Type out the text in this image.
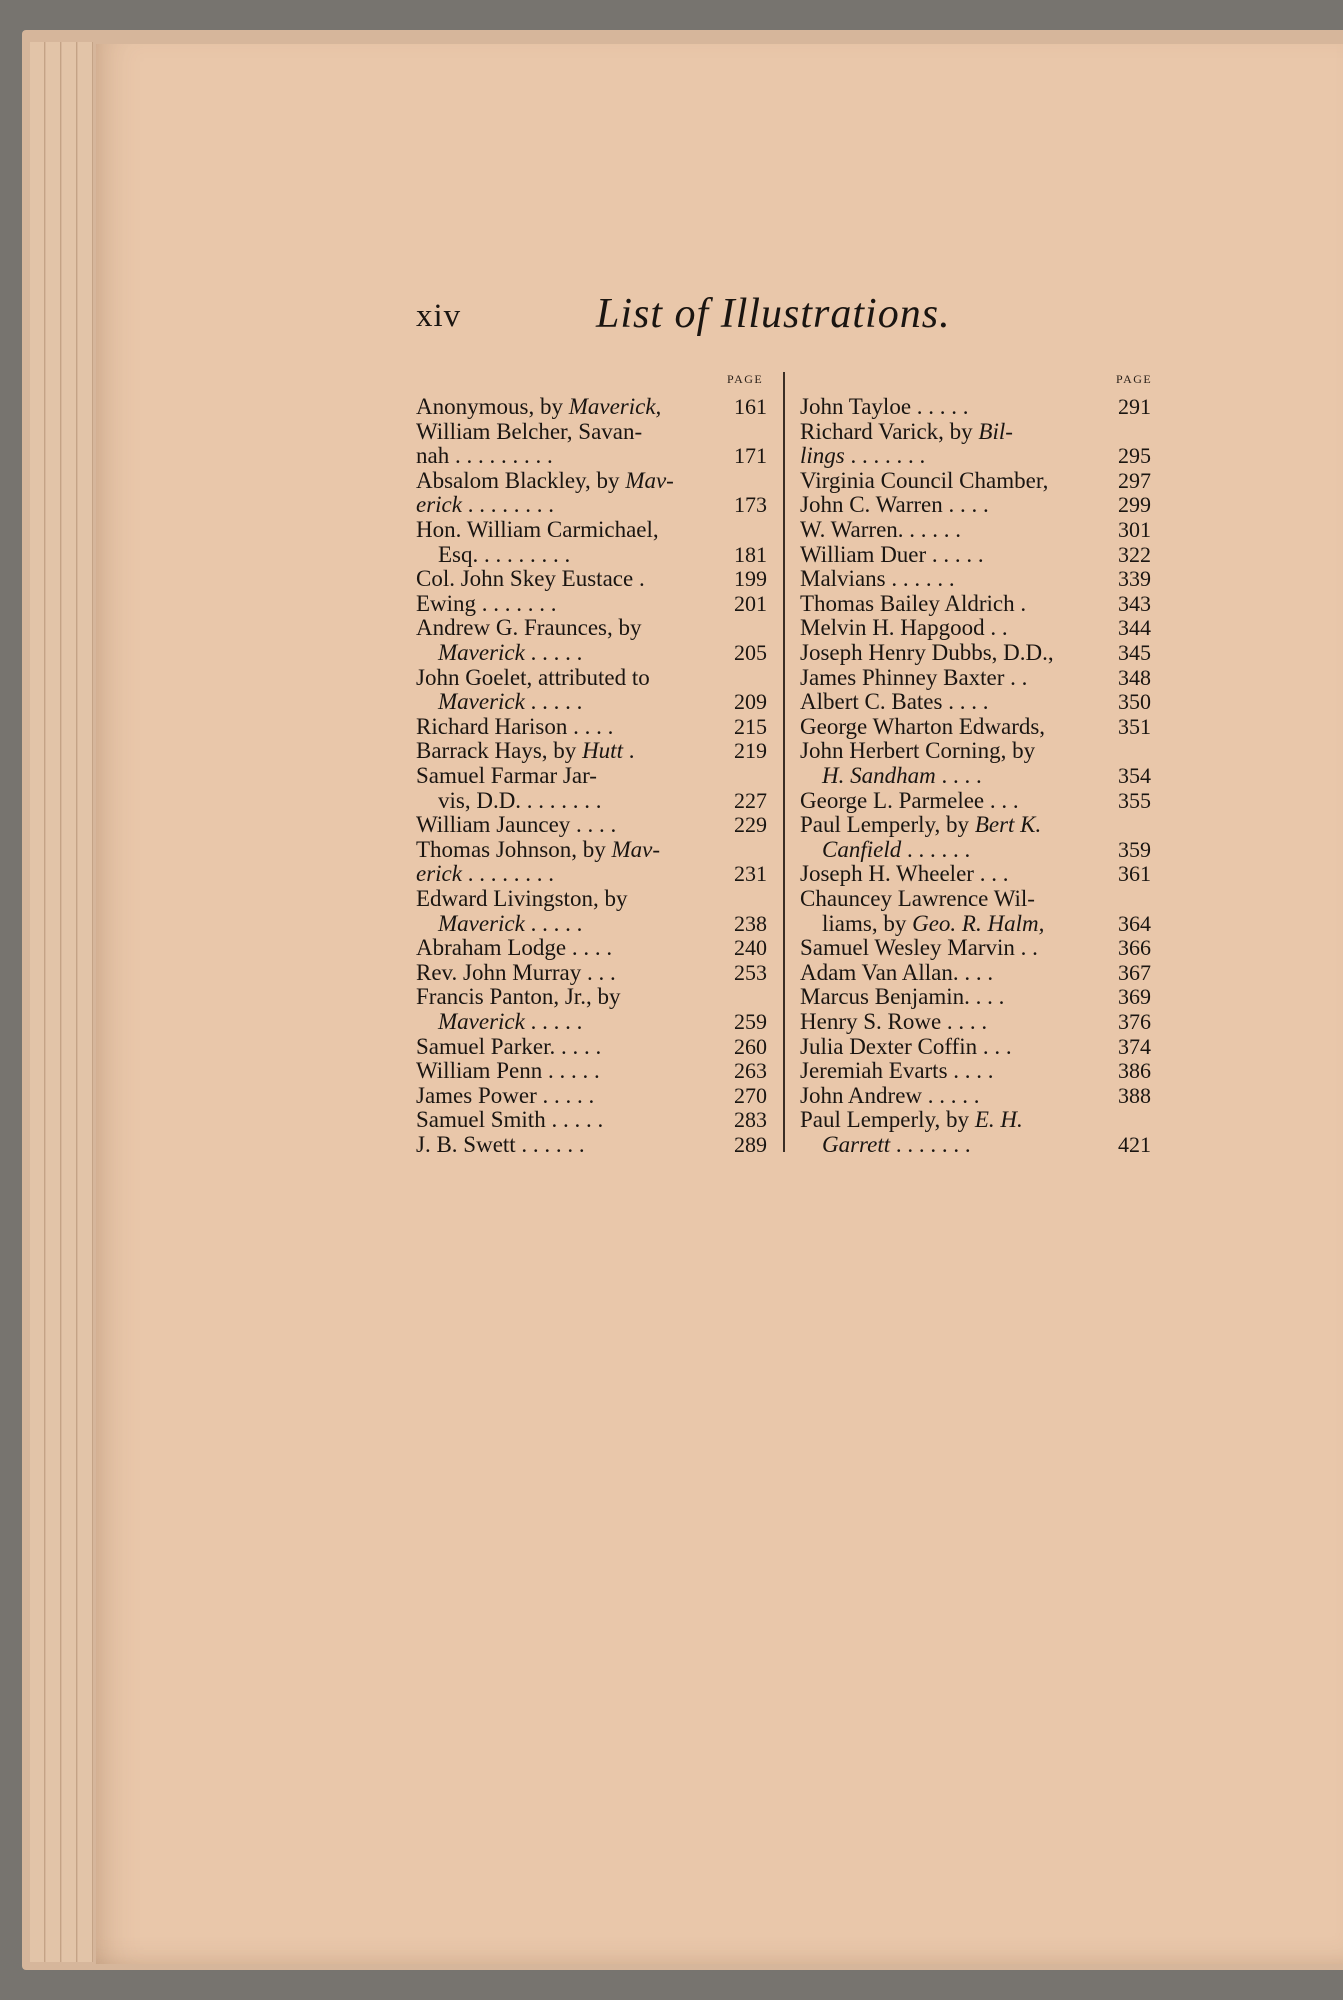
xiv	List of Illustrations.
PAGE
Anonymous, by Maverick,	161
William Belcher, Savan-
nah . . . . . . . . .	171
Absalom Blackley, by Mav-
erick . . . . . . . .	173
Hon. William Carmichael,
Esq. . . . . . . . .	181
Col. John Skey Eustace .	199
Ewing . . . . . . .	201
Andrew G. Fraunces, by
Maverick . . . . .	205
John Goelet, attributed to
Maverick . . . . .	209
Richard Harison . . . .	215
Barrack Hays, by Hutt .	219
Samuel Farmar Jar-
vis, D.D. . . . . . . .	227
William Jauncey . . . .	229
Thomas Johnson, by Mav-
erick . . . . . . . .	231
Edward Livingston, by
Maverick . . . . .	238
Abraham Lodge . . . .	240
Rev. John Murray . . .	253
Francis Panton, Jr., by
Maverick . . . . .	259
Samuel Parker. . . . .	260
William Penn . . . . .	263
James Power . . . . .	270
Samuel Smith . . . . .	283
J. B. Swett . . . . . .	289
PAGE
John Tayloe . . . . .	291
Richard Varick, by Bil-
lings . . . . . . .	295
Virginia Council Chamber,	297
John C. Warren . . . .	299
W. Warren. . . . . .	301
William Duer . . . . .	322
Malvians . . . . . .	339
Thomas Bailey Aldrich .	343
Melvin H. Hapgood . .	344
Joseph Henry Dubbs, D.D.,	345
James Phinney Baxter . .	348
Albert C. Bates . . . .	350
George Wharton Edwards,	351
John Herbert Corning, by
H. Sandham . . . .	354
George L. Parmelee . . .	355
Paul Lemperly, by Bert K.
Canfield . . . . . .	359
Joseph H. Wheeler . . .	361
Chauncey Lawrence Wil-
liams, by Geo. R. Halm,	364
Samuel Wesley Marvin . .	366
Adam Van Allan. . . .	367
Marcus Benjamin. . . .	369
Henry S. Rowe . . . .	376
Julia Dexter Coffin . . .	374
Jeremiah Evarts . . . .	386
John Andrew . . . . .	388
Paul Lemperly, by E. H.
Garrett . . . . . . .	421
